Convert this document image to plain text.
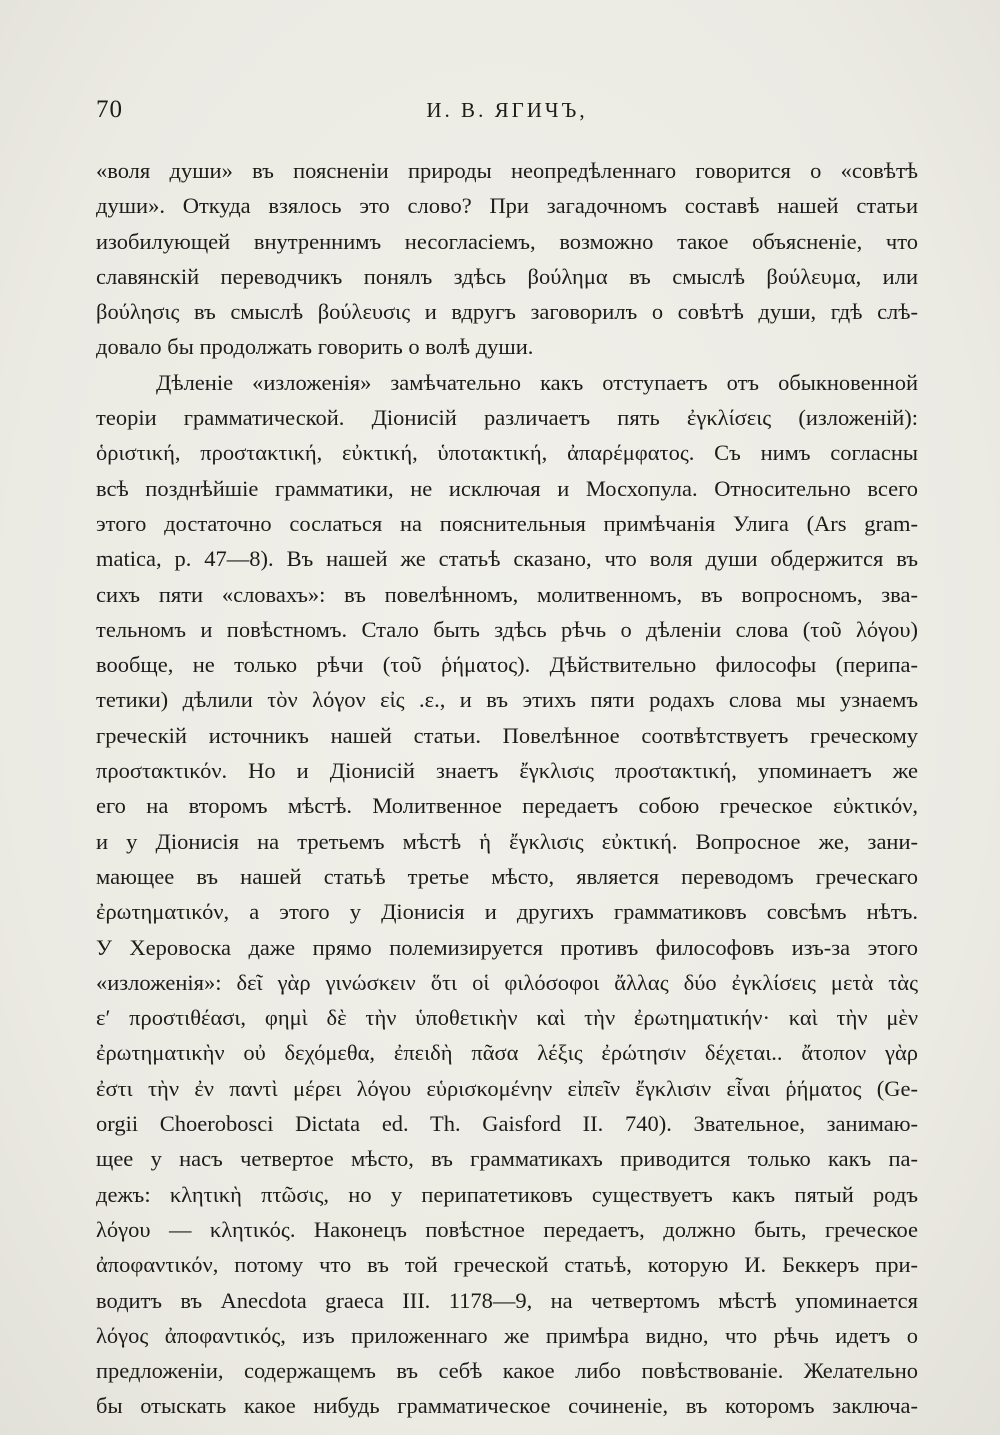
70	И. В. ЯГИЧЪ,
«воля души» въ поясненіи природы неопредѣленнаго говорится о «совѣтѣ
души». Откуда взялось это слово? При загадочномъ составѣ нашей статьи
изобилующей внутреннимъ несогласіемъ, возможно такое объясненіе, что
славянскій переводчикъ понялъ здѣсь βούλημα въ смыслѣ βούλευμα, или
βούλησις въ смыслѣ βούλευσις и вдругъ заговорилъ о совѣтѣ души, гдѣ слѣ-
довало бы продолжать говорить о волѣ души.
Дѣленіе «изложенія» замѣчательно какъ отступаетъ отъ обыкновенной
теоріи грамматической. Діонисій различаетъ пять ἐγκλίσεις (изложеній):
ὁριστική, προστακτική, εὐκτική, ὑποτακτική, ἀπαρέμφατος. Съ нимъ согласны
всѣ позднѣйшіе грамматики, не исключая и Мосхопула. Относительно всего
этого достаточно сослаться на пояснительныя примѣчанія Улига (Ars gram-
matica, p. 47—8). Въ нашей же статьѣ сказано, что воля души обдержится въ
сихъ пяти «словахъ»: въ повелѣнномъ, молитвенномъ, въ вопросномъ, зва-
тельномъ и повѣстномъ. Стало быть здѣсь рѣчь о дѣленіи слова (τοῦ λόγου)
вообще, не только рѣчи (τοῦ ῥήματος). Дѣйствительно философы (перипа-
тетики) дѣлили τὸν λόγον εἰς .ε., и въ этихъ пяти родахъ слова мы узнаемъ
греческій источникъ нашей статьи. Повелѣнное соотвѣтствуетъ греческому
προστακτικόν. Но и Діонисій знаетъ ἔγκλισις προστακτική, упоминаетъ же
его на второмъ мѣстѣ. Молитвенное передаетъ собою греческое εὐκτικόν,
и у Діонисія на третьемъ мѣстѣ ἡ ἔγκλισις εὐκτική. Вопросное же, зани-
мающее въ нашей статьѣ третье мѣсто, является переводомъ греческаго
ἐρωτηματικόν, а этого у Діонисія и другихъ грамматиковъ совсѣмъ нѣтъ.
У Херовоска даже прямо полемизируется противъ философовъ изъ-за этого
«изложенія»: δεῖ γὰρ γινώσκειν ὅτι οἱ φιλόσοφοι ἄλλας δύο ἐγκλίσεις μετὰ τὰς
ε′ προστιθέασι, φημὶ δὲ τὴν ὑποθετικὴν καὶ τὴν ἐρωτηματικήν· καὶ τὴν μὲν
ἐρωτηματικὴν οὐ δεχόμεθα, ἐπειδὴ πᾶσα λέξις ἐρώτησιν δέχεται.. ἄτοπον γὰρ
ἐστι τὴν ἐν παντὶ μέρει λόγου εὑρισκομένην εἰπεῖν ἔγκλισιν εἶναι ῥήματος (Ge-
orgii Choerobosci Dictata ed. Th. Gaisford II. 740). Звательное, занимаю-
щее у насъ четвертое мѣсто, въ грамматикахъ приводится только какъ па-
дежъ: κλητικὴ πτῶσις, но у перипатетиковъ существуетъ какъ пятый родъ
λόγου — κλητικός. Наконецъ повѣстное передаетъ, должно быть, греческое
ἀποφαντικόν, потому что въ той греческой статьѣ, которую И. Беккеръ при-
водитъ въ Anecdota graeca III. 1178—9, на четвертомъ мѣстѣ упоминается
λόγος ἀποφαντικός, изъ приложеннаго же примѣра видно, что рѣчь идетъ о
предложеніи, содержащемъ въ себѣ какое либо повѣствованіе. Желательно
бы отыскать какое нибудь грамматическое сочиненіе, въ которомъ заключа-
